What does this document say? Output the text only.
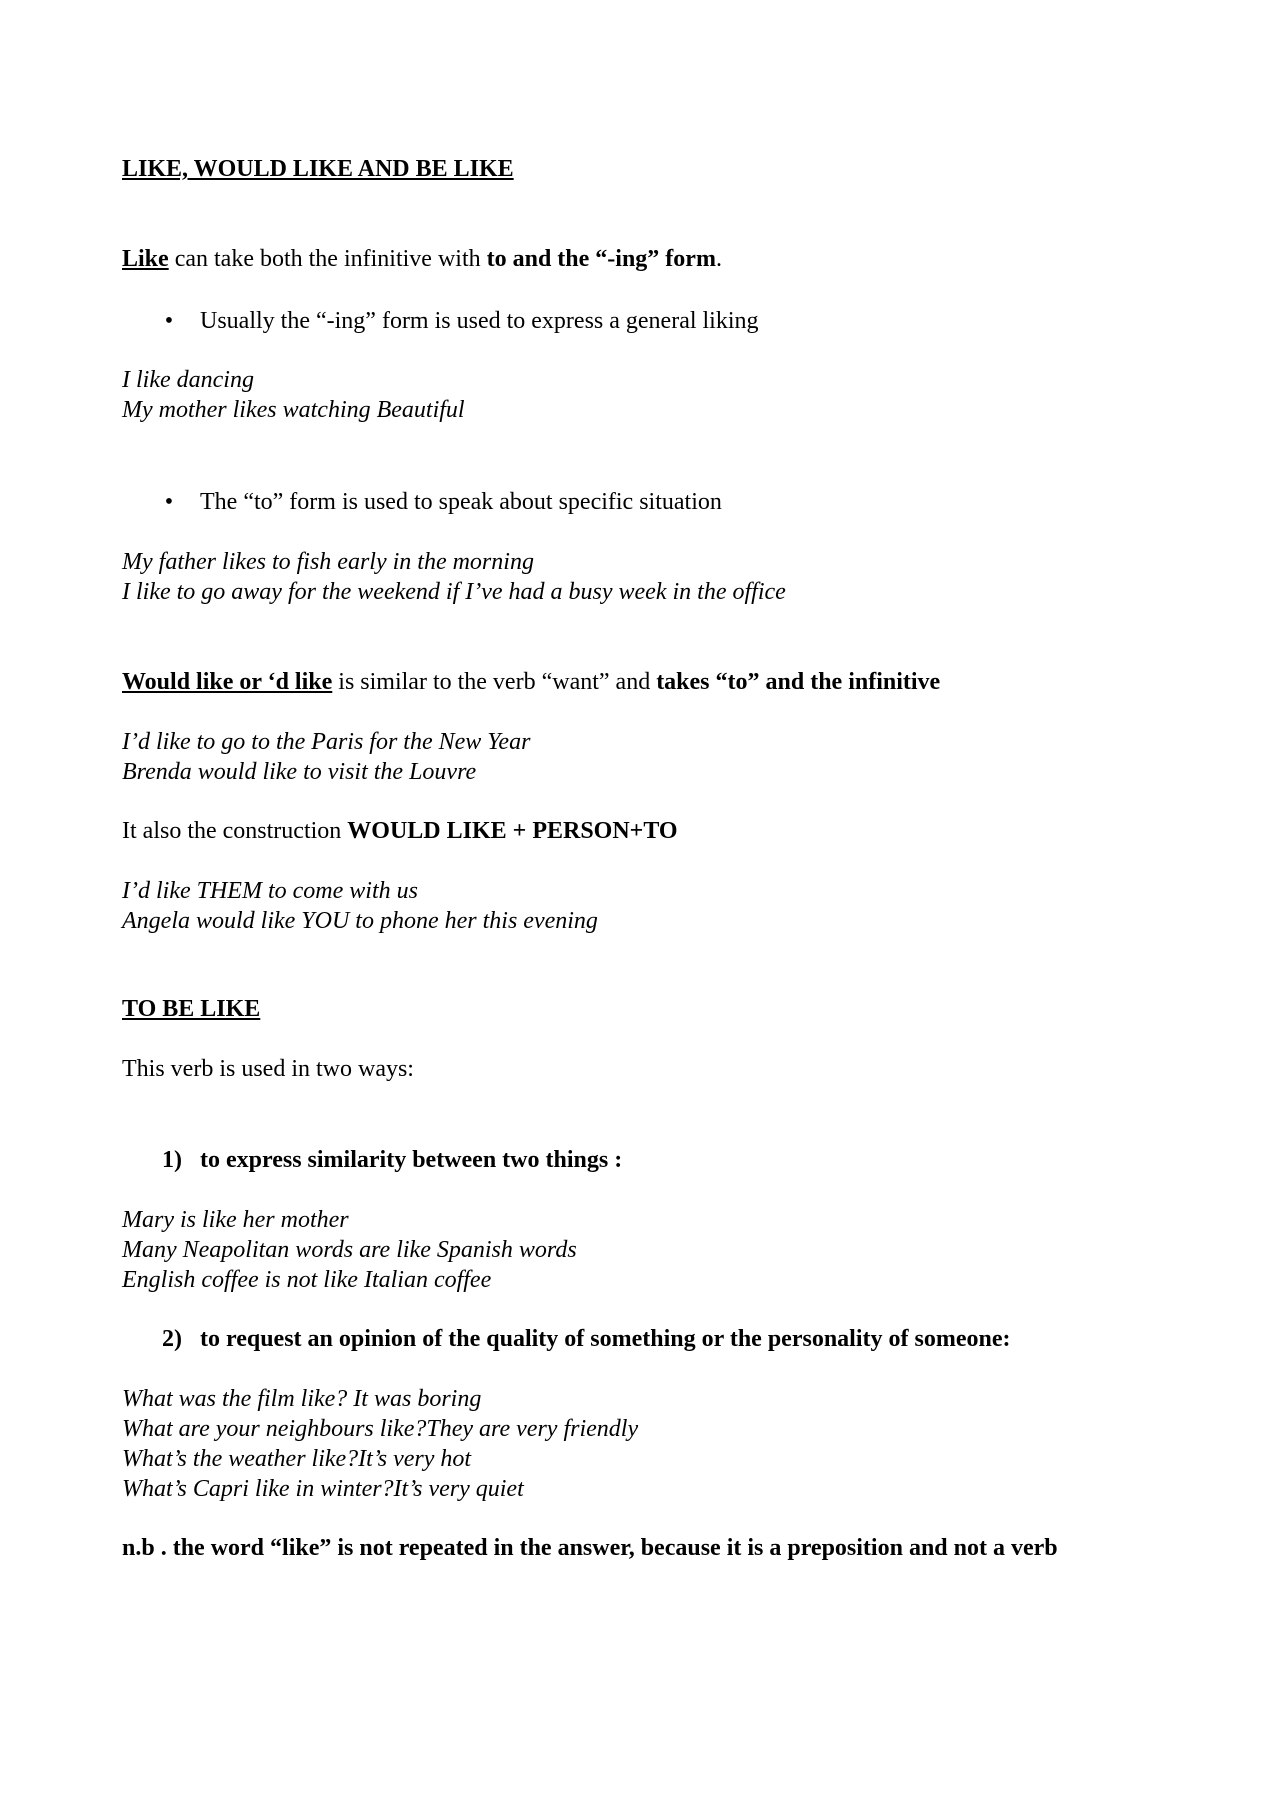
LIKE, WOULD LIKE AND BE LIKE
Like can take both the infinitive with to and the “-ing” form.
• Usually the “-ing” form is used to express a general liking
I like dancing
My mother likes watching Beautiful
• The “to” form is used to speak about specific situation
My father likes to fish early in the morning
I like to go away for the weekend if I’ve had a busy week in the office
Would like or ‘d like is similar to the verb “want” and takes “to” and the infinitive
I’d like to go to the Paris for the New Year
Brenda would like to visit the Louvre
It also the construction WOULD LIKE + PERSON+TO
I’d like THEM to come with us
Angela would like YOU to phone her this evening
TO BE LIKE
This verb is used in two ways:
1) to express similarity between two things :
Mary is like her mother
Many Neapolitan words are like Spanish words
English coffee is not like Italian coffee
2) to request an opinion of the quality of something or the personality of someone:
What was the film like? It was boring
What are your neighbours like?They are very friendly
What’s the weather like?It’s very hot
What’s Capri like in winter?It’s very quiet
n.b . the word “like” is not repeated in the answer, because it is a preposition and not a verb
